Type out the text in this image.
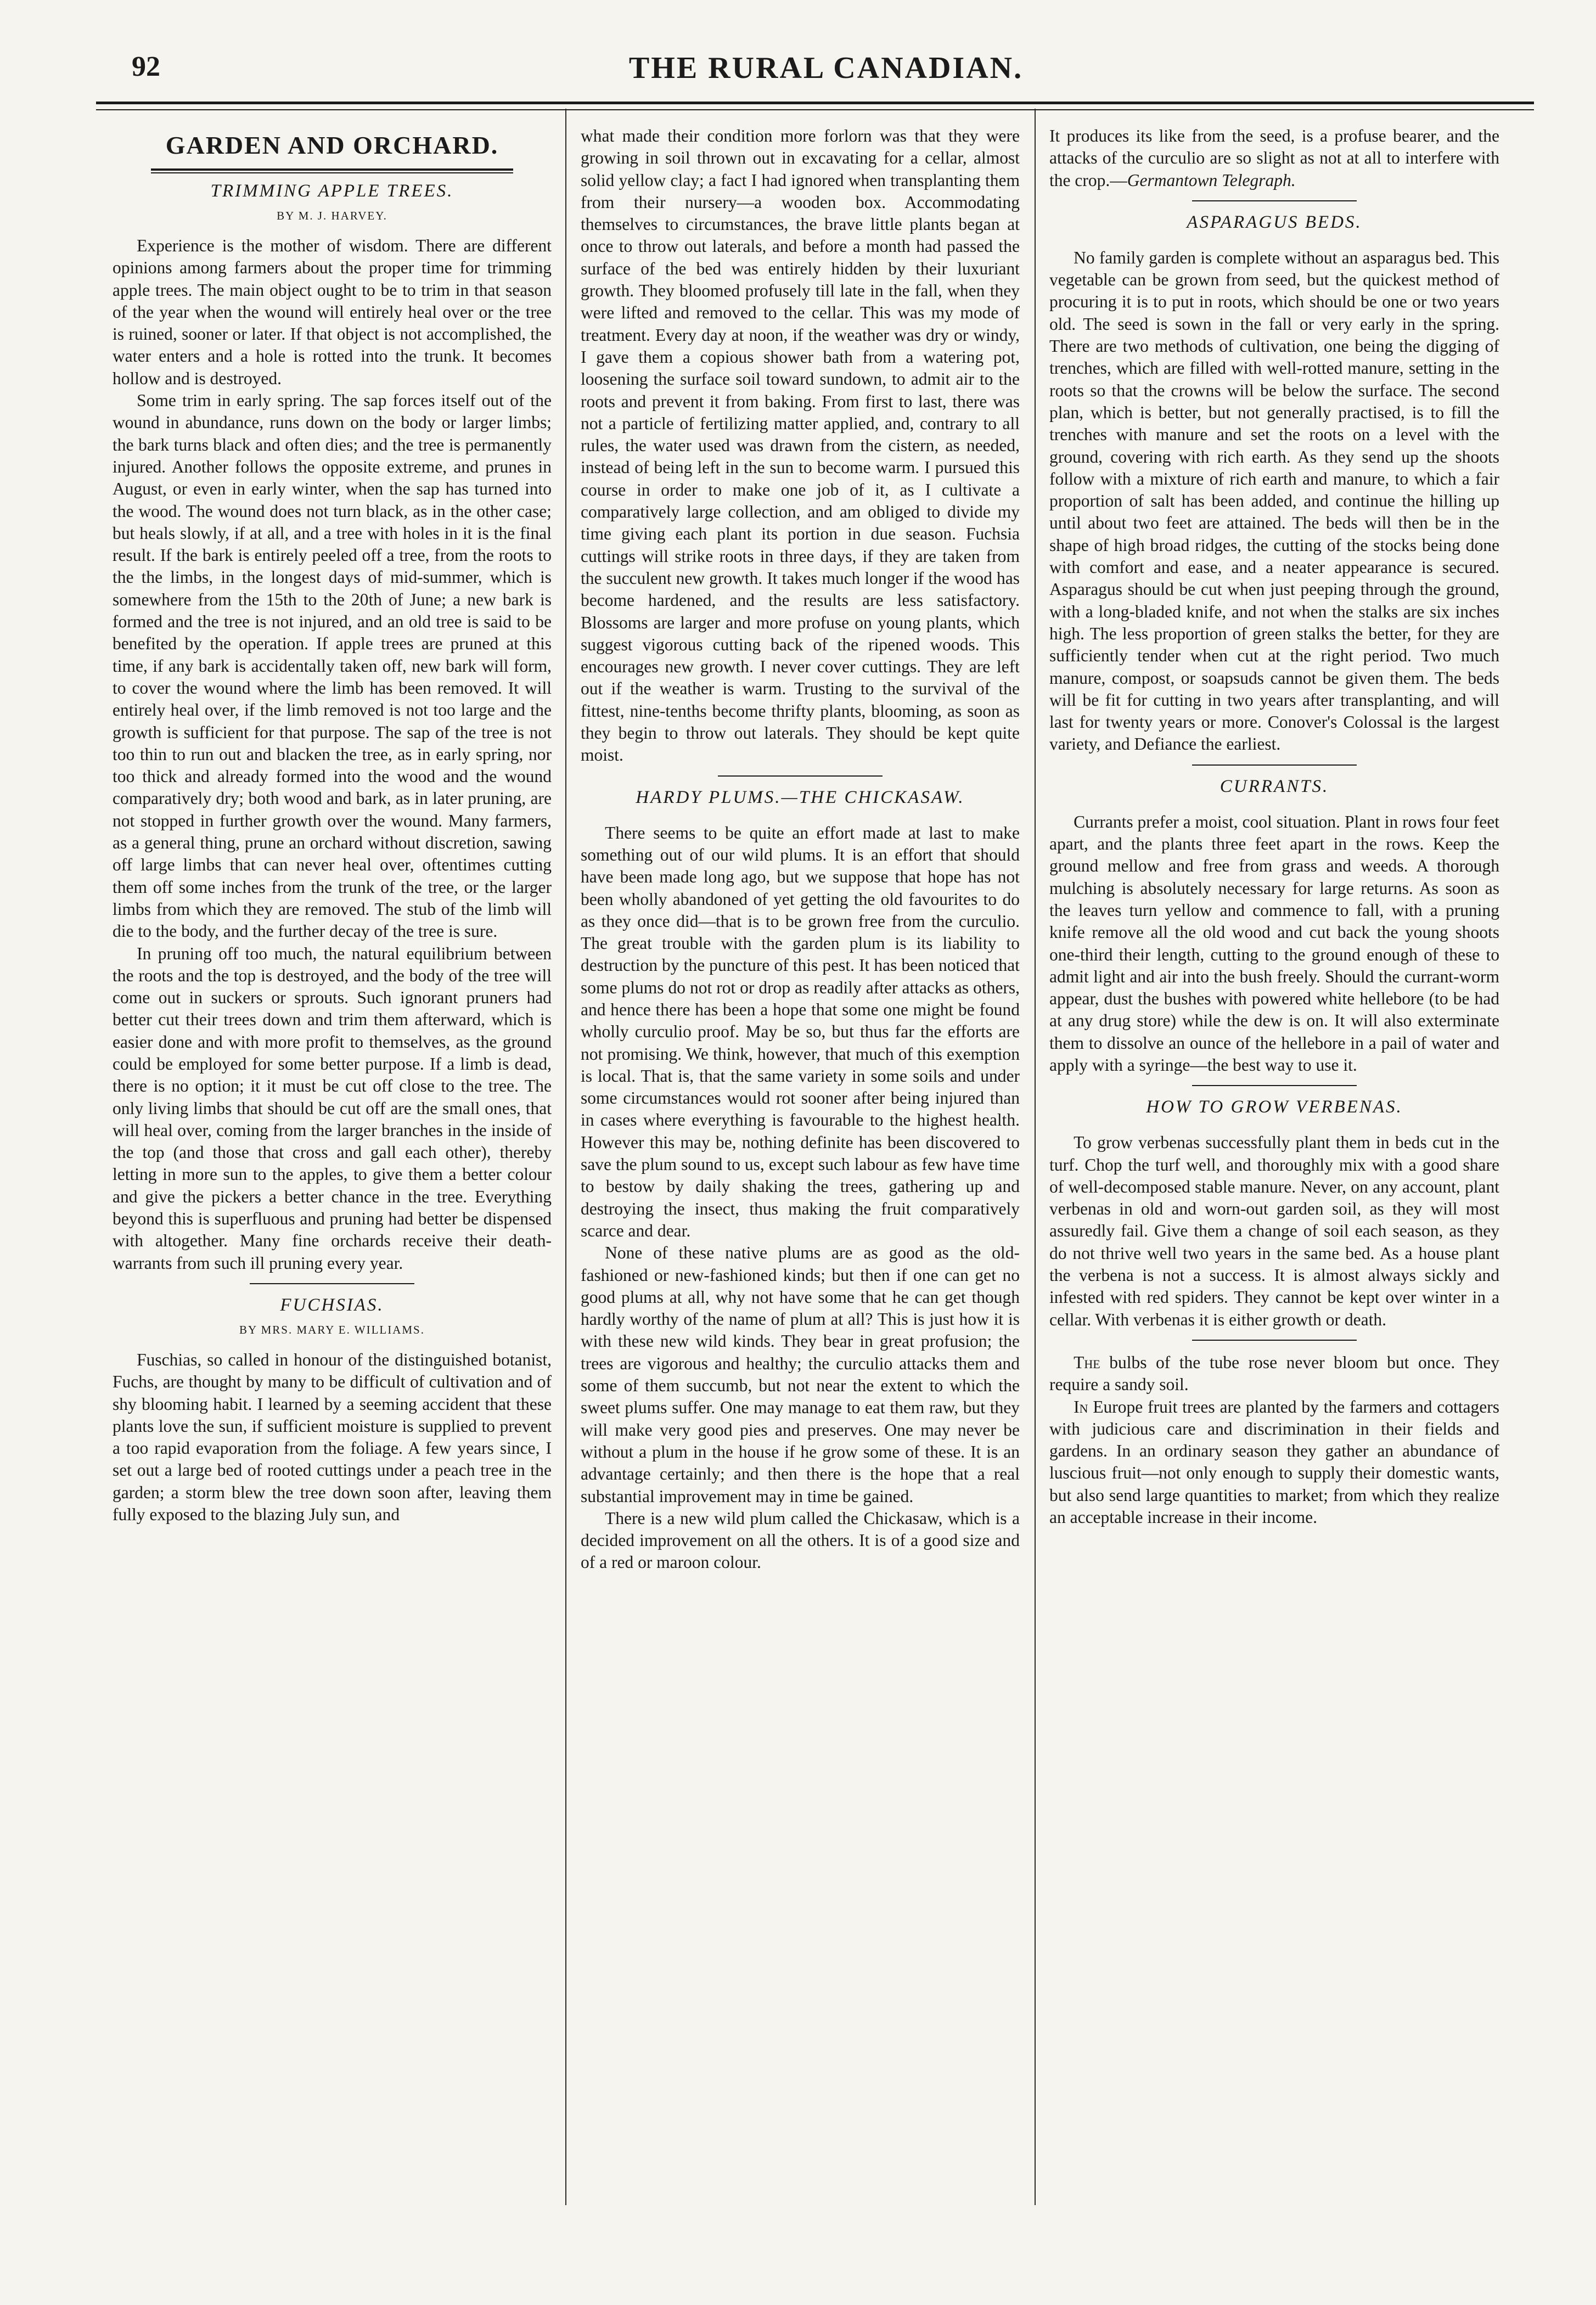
92	THE RURAL CANADIAN.
GARDEN AND ORCHARD.
TRIMMING APPLE TREES.
BY M. J. HARVEY.

Experience is the mother of wisdom. There are different opinions among farmers about the proper time for trimming apple trees. The main object ought to be to trim in that season of the year when the wound will entirely heal over or the tree is ruined, sooner or later. If that object is not accomplished, the water enters and a hole is rotted into the trunk. It becomes hollow and is destroyed.

Some trim in early spring. The sap forces itself out of the wound in abundance, runs down on the body or larger limbs; the bark turns black and often dies; and the tree is permanently injured. Another follows the opposite extreme, and prunes in August, or even in early winter, when the sap has turned into the wood. The wound does not turn black, as in the other case; but heals slowly, if at all, and a tree with holes in it is the final result. If the bark is entirely peeled off a tree, from the roots to the the limbs, in the longest days of mid-summer, which is somewhere from the 15th to the 20th of June; a new bark is formed and the tree is not injured, and an old tree is said to be benefited by the operation. If apple trees are pruned at this time, if any bark is accidentally taken off, new bark will form, to cover the wound where the limb has been removed. It will entirely heal over, if the limb removed is not too large and the growth is sufficient for that purpose. The sap of the tree is not too thin to run out and blacken the tree, as in early spring, nor too thick and already formed into the wood and the wound comparatively dry; both wood and bark, as in later pruning, are not stopped in further growth over the wound. Many farmers, as a general thing, prune an orchard without discretion, sawing off large limbs that can never heal over, oftentimes cutting them off some inches from the trunk of the tree, or the larger limbs from which they are removed. The stub of the limb will die to the body, and the further decay of the tree is sure.

In pruning off too much, the natural equilibrium between the roots and the top is destroyed, and the body of the tree will come out in suckers or sprouts. Such ignorant pruners had better cut their trees down and trim them afterward, which is easier done and with more profit to themselves, as the ground could be employed for some better purpose. If a limb is dead, there is no option; it it must be cut off close to the tree. The only living limbs that should be cut off are the small ones, that will heal over, coming from the larger branches in the inside of the top (and those that cross and gall each other), thereby letting in more sun to the apples, to give them a better colour and give the pickers a better chance in the tree. Everything beyond this is superfluous and pruning had better be dispensed with altogether. Many fine orchards receive their death-warrants from such ill pruning every year.

FUCHSIAS.
BY MRS. MARY E. WILLIAMS.

Fuschias, so called in honour of the distinguished botanist, Fuchs, are thought by many to be difficult of cultivation and of shy blooming habit. I learned by a seeming accident that these plants love the sun, if sufficient moisture is supplied to prevent a too rapid evaporation from the foliage. A few years since, I set out a large bed of rooted cuttings under a peach tree in the garden; a storm blew the tree down soon after, leaving them fully exposed to the blazing July sun, and

what made their condition more forlorn was that they were growing in soil thrown out in excavating for a cellar, almost solid yellow clay; a fact I had ignored when transplanting them from their nursery—a wooden box. Accommodating themselves to circumstances, the brave little plants began at once to throw out laterals, and before a month had passed the surface of the bed was entirely hidden by their luxuriant growth. They bloomed profusely till late in the fall, when they were lifted and removed to the cellar. This was my mode of treatment. Every day at noon, if the weather was dry or windy, I gave them a copious shower bath from a watering pot, loosening the surface soil toward sundown, to admit air to the roots and prevent it from baking. From first to last, there was not a particle of fertilizing matter applied, and, contrary to all rules, the water used was drawn from the cistern, as needed, instead of being left in the sun to become warm. I pursued this course in order to make one job of it, as I cultivate a comparatively large collection, and am obliged to divide my time giving each plant its portion in due season. Fuchsia cuttings will strike roots in three days, if they are taken from the succulent new growth. It takes much longer if the wood has become hardened, and the results are less satisfactory. Blossoms are larger and more profuse on young plants, which suggest vigorous cutting back of the ripened woods. This encourages new growth. I never cover cuttings. They are left out if the weather is warm. Trusting to the survival of the fittest, nine-tenths become thrifty plants, blooming, as soon as they begin to throw out laterals. They should be kept quite moist.

HARDY PLUMS.—THE CHICKASAW.

There seems to be quite an effort made at last to make something out of our wild plums. It is an effort that should have been made long ago, but we suppose that hope has not been wholly abandoned of yet getting the old favourites to do as they once did—that is to be grown free from the curculio. The great trouble with the garden plum is its liability to destruction by the puncture of this pest. It has been noticed that some plums do not rot or drop as readily after attacks as others, and hence there has been a hope that some one might be found wholly curculio proof. May be so, but thus far the efforts are not promising. We think, however, that much of this exemption is local. That is, that the same variety in some soils and under some circumstances would rot sooner after being injured than in cases where everything is favourable to the highest health. However this may be, nothing definite has been discovered to save the plum sound to us, except such labour as few have time to bestow by daily shaking the trees, gathering up and destroying the insect, thus making the fruit comparatively scarce and dear.

None of these native plums are as good as the old-fashioned or new-fashioned kinds; but then if one can get no good plums at all, why not have some that he can get though hardly worthy of the name of plum at all? This is just how it is with these new wild kinds. They bear in great profusion; the trees are vigorous and healthy; the curculio attacks them and some of them succumb, but not near the extent to which the sweet plums suffer. One may manage to eat them raw, but they will make very good pies and preserves. One may never be without a plum in the house if he grow some of these. It is an advantage certainly; and then there is the hope that a real substantial improvement may in time be gained.

There is a new wild plum called the Chickasaw, which is a decided improvement on all the others. It is of a good size and of a red or maroon colour.

It produces its like from the seed, is a profuse bearer, and the attacks of the curculio are so slight as not at all to interfere with the crop.—Germantown Telegraph.

ASPARAGUS BEDS.

No family garden is complete without an asparagus bed. This vegetable can be grown from seed, but the quickest method of procuring it is to put in roots, which should be one or two years old. The seed is sown in the fall or very early in the spring. There are two methods of cultivation, one being the digging of trenches, which are filled with well-rotted manure, setting in the roots so that the crowns will be below the surface. The second plan, which is better, but not generally practised, is to fill the trenches with manure and set the roots on a level with the ground, covering with rich earth. As they send up the shoots follow with a mixture of rich earth and manure, to which a fair proportion of salt has been added, and continue the hilling up until about two feet are attained. The beds will then be in the shape of high broad ridges, the cutting of the stocks being done with comfort and ease, and a neater appearance is secured. Asparagus should be cut when just peeping through the ground, with a long-bladed knife, and not when the stalks are six inches high. The less proportion of green stalks the better, for they are sufficiently tender when cut at the right period. Two much manure, compost, or soapsuds cannot be given them. The beds will be fit for cutting in two years after transplanting, and will last for twenty years or more. Conover's Colossal is the largest variety, and Defiance the earliest.

CURRANTS.

Currants prefer a moist, cool situation. Plant in rows four feet apart, and the plants three feet apart in the rows. Keep the ground mellow and free from grass and weeds. A thorough mulching is absolutely necessary for large returns. As soon as the leaves turn yellow and commence to fall, with a pruning knife remove all the old wood and cut back the young shoots one-third their length, cutting to the ground enough of these to admit light and air into the bush freely. Should the currant-worm appear, dust the bushes with powered white hellebore (to be had at any drug store) while the dew is on. It will also exterminate them to dissolve an ounce of the hellebore in a pail of water and apply with a syringe—the best way to use it.

HOW TO GROW VERBENAS.

To grow verbenas successfully plant them in beds cut in the turf. Chop the turf well, and thoroughly mix with a good share of well-decomposed stable manure. Never, on any account, plant verbenas in old and worn-out garden soil, as they will most assuredly fail. Give them a change of soil each season, as they do not thrive well two years in the same bed. As a house plant the verbena is not a success. It is almost always sickly and infested with red spiders. They cannot be kept over winter in a cellar. With verbenas it is either growth or death.

The bulbs of the tube rose never bloom but once. They require a sandy soil.

In Europe fruit trees are planted by the farmers and cottagers with judicious care and discrimination in their fields and gardens. In an ordinary season they gather an abundance of luscious fruit—not only enough to supply their domestic wants, but also send large quantities to market; from which they realize an acceptable increase in their income.
